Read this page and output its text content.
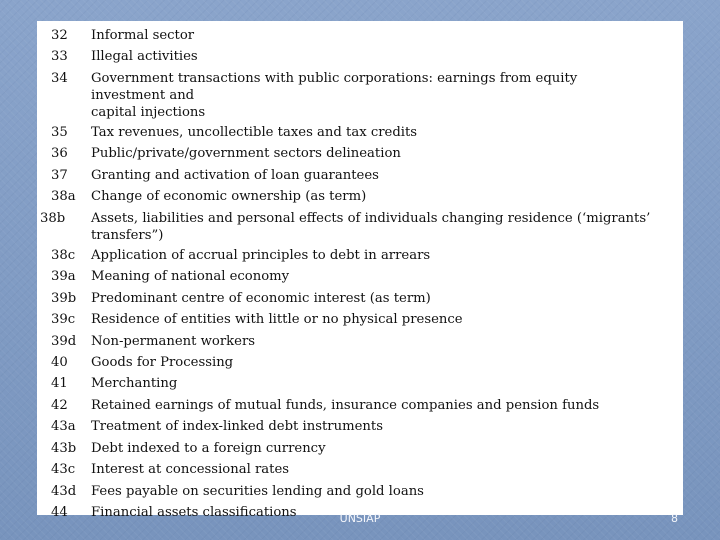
32	Informal sector
33	Illegal activities
34	Government transactions with public corporations: earnings from equity investment and
capital injections
35	Tax revenues, uncollectible taxes and tax credits
36	Public/private/government sectors delineation
37	Granting and activation of loan guarantees
38a	Change of economic ownership (as term)
38b	Assets, liabilities and personal effects of individuals changing residence (‘migrants’
transfers”)
38c	Application of accrual principles to debt in arrears
39a	Meaning of national economy
39b	Predominant centre of economic interest (as term)
39c	Residence of entities with little or no physical presence
39d	Non-permanent workers
40	Goods for Processing
41	Merchanting
42	Retained earnings of mutual funds, insurance companies and pension funds
43a	Treatment of index-linked debt instruments
43b	Debt indexed to a foreign currency
43c	Interest at concessional rates
43d	Fees payable on securities lending and gold loans
44	Financial assets classifications	UNSIAP	8
